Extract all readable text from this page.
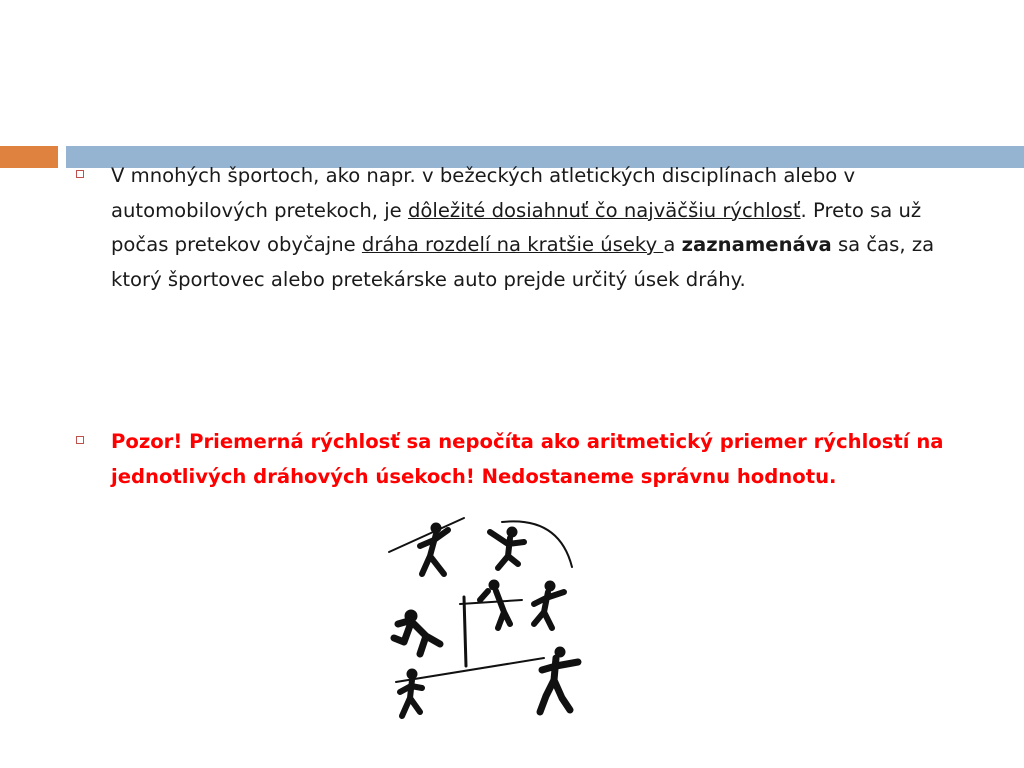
V mnohých športoch, ako napr. v bežeckých atletických disciplínach alebo v automobilových pretekoch, je dôležité dosiahnuť čo najväčšiu rýchlosť. Preto sa už počas pretekov obyčajne dráha rozdelí na kratšie úseky a zaznamenáva sa čas, za ktorý športovec alebo pretekárske auto prejde určitý úsek dráhy.
Pozor! Priemerná rýchlosť sa nepočíta ako aritmetický priemer rýchlostí na jednotlivých dráhových úsekoch! Nedostaneme správnu hodnotu.
